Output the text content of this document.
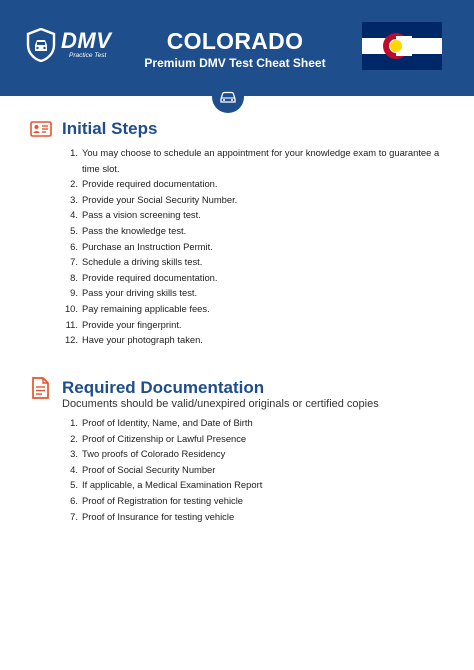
DMV
Practice Test
COLORADO
Premium DMV Test Cheat Sheet
Initial Steps
1. You may choose to schedule an appointment for your knowledge exam to guarantee a time slot.
2. Provide required documentation.
3. Provide your Social Security Number.
4. Pass a vision screening test.
5. Pass the knowledge test.
6. Purchase an Instruction Permit.
7. Schedule a driving skills test.
8. Provide required documentation.
9. Pass your driving skills test.
10. Pay remaining applicable fees.
11. Provide your fingerprint.
12. Have your photograph taken.
Required Documentation
Documents should be valid/unexpired originals or certified copies
1. Proof of Identity, Name, and Date of Birth
2. Proof of Citizenship or Lawful Presence
3. Two proofs of Colorado Residency
4. Proof of Social Security Number
5. If applicable, a Medical Examination Report
6. Proof of Registration for testing vehicle
7. Proof of Insurance for testing vehicle
